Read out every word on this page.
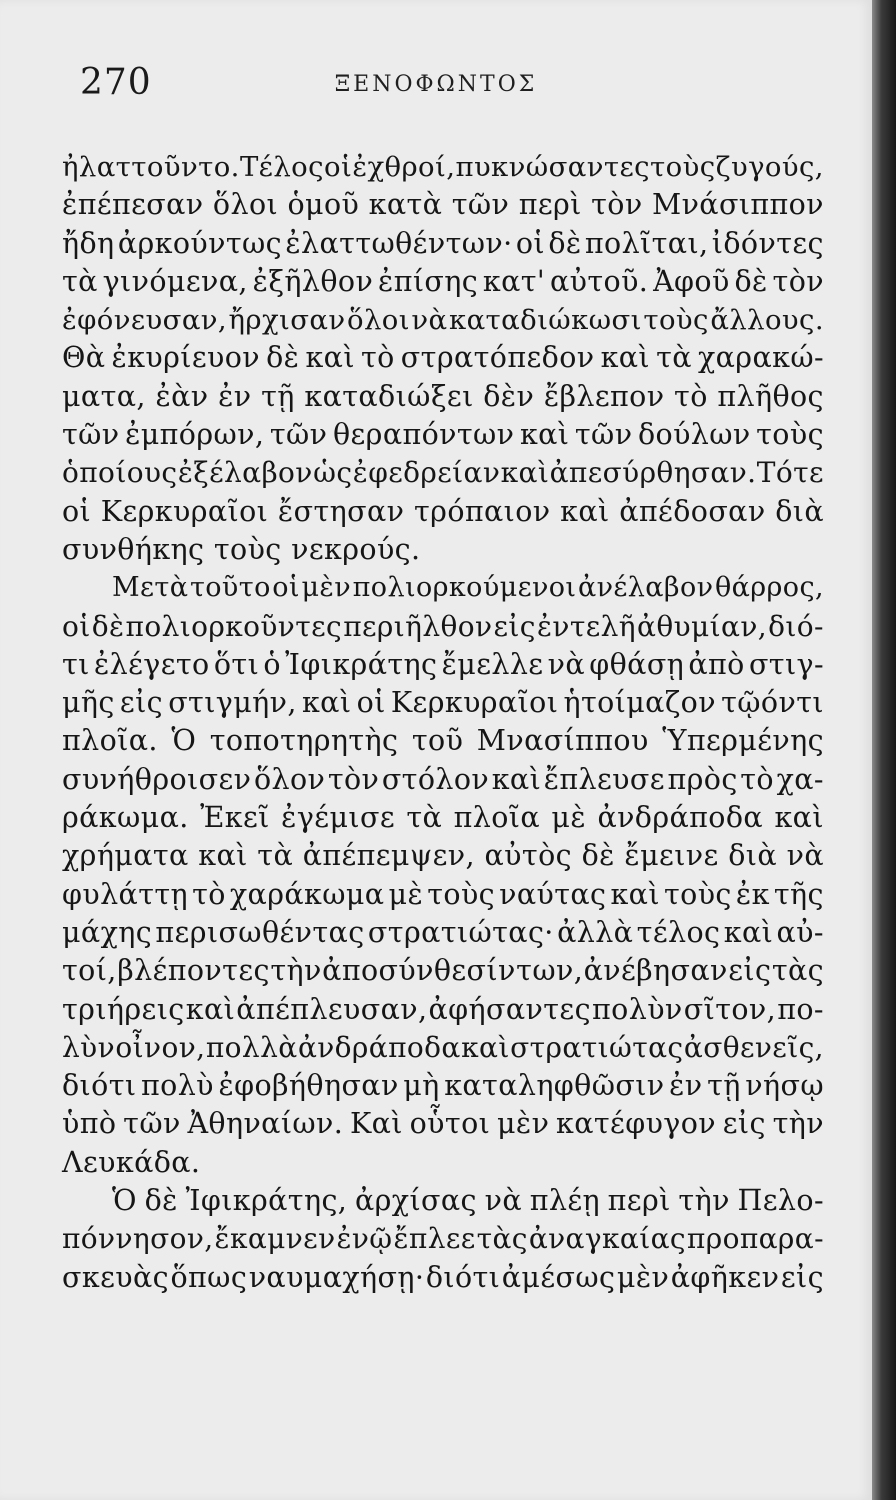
270	ΞΕΝΟΦΩΝΤΟΣ
ἠλαττοῦντο. Τέλος οἱ ἐχθροί, πυκνώσαντες τοὺς ζυγούς,
ἐπέπεσαν ὅλοι ὁμοῦ κατὰ τῶν περὶ τὸν Μνάσιππον
ἤδη ἀρκούντως ἐλαττωθέντων· οἱ δὲ πολῖται, ἰδόντες
τὰ γινόμενα, ἐξῆλθον ἐπίσης κατ' αὐτοῦ. Ἀφοῦ δὲ τὸν
ἐφόνευσαν, ἤρχισαν ὅλοι νὰ καταδιώκωσι τοὺς ἄλλους.
Θὰ ἐκυρίευον δὲ καὶ τὸ στρατόπεδον καὶ τὰ χαρακώ-
ματα, ἐὰν ἐν τῇ καταδιώξει δὲν ἔβλεπον τὸ πλῆθος
τῶν ἐμπόρων, τῶν θεραπόντων καὶ τῶν δούλων τοὺς
ὁποίους ἐξέλαβον ὡς ἐφεδρείαν καὶ ἀπεσύρθησαν. Τότε
οἱ Κερκυραῖοι ἔστησαν τρόπαιον καὶ ἀπέδοσαν διὰ
συνθήκης
τοὺς
νεκρούς.

Μετὰ τοῦτο οἱ μὲν πολιορκούμενοι ἀνέλαβον θάρρος,
οἱ δὲ πολιορκοῦντες περιῆλθον εἰς ἐντελῆ ἀθυμίαν, διό-
τι ἐλέγετο ὅτι ὁ Ἰφικράτης ἔμελλε νὰ φθάσῃ ἀπὸ στιγ-
μῆς εἰς στιγμήν, καὶ οἱ Κερκυραῖοι ἡτοίμαζον τῷόντι
πλοῖα. Ὁ τοποτηρητὴς τοῦ Μνασίππου Ὑπερμένης
συνήθροισεν ὅλον τὸν στόλον καὶ ἔπλευσε πρὸς τὸ χα-
ράκωμα. Ἐκεῖ ἐγέμισε τὰ πλοῖα μὲ ἀνδράποδα καὶ
χρήματα καὶ τὰ ἀπέπεμψεν, αὐτὸς δὲ ἔμεινε διὰ νὰ
φυλάττῃ τὸ χαράκωμα μὲ τοὺς ναύτας καὶ τοὺς ἐκ τῆς
μάχης περισωθέντας στρατιώτας· ἀλλὰ τέλος καὶ αὐ-
τοί, βλέποντες τὴν ἀποσύνθεσίν των, ἀνέβησαν εἰς τὰς
τριήρεις καὶ ἀπέπλευσαν, ἀφήσαντες πολὺν σῖτον, πο-
λὺν οἶνον, πολλὰ ἀνδράποδα καὶ στρατιώτας ἀσθενεῖς,
διότι πολὺ ἐφοβήθησαν μὴ καταληφθῶσιν ἐν τῇ νήσῳ
ὑπὸ τῶν Ἀθηναίων. Καὶ οὗτοι μὲν κατέφυγον εἰς τὴν
Λευκάδα.

Ὁ δὲ Ἰφικράτης, ἀρχίσας νὰ πλέῃ περὶ τὴν Πελο-
πόννησον, ἔκαμνεν ἐνῷ ἔπλεε τὰς ἀναγκαίας προπαρα-
σκευὰς ὅπως ναυμαχήσῃ· διότι ἀμέσως μὲν ἀφῆκεν εἰς
